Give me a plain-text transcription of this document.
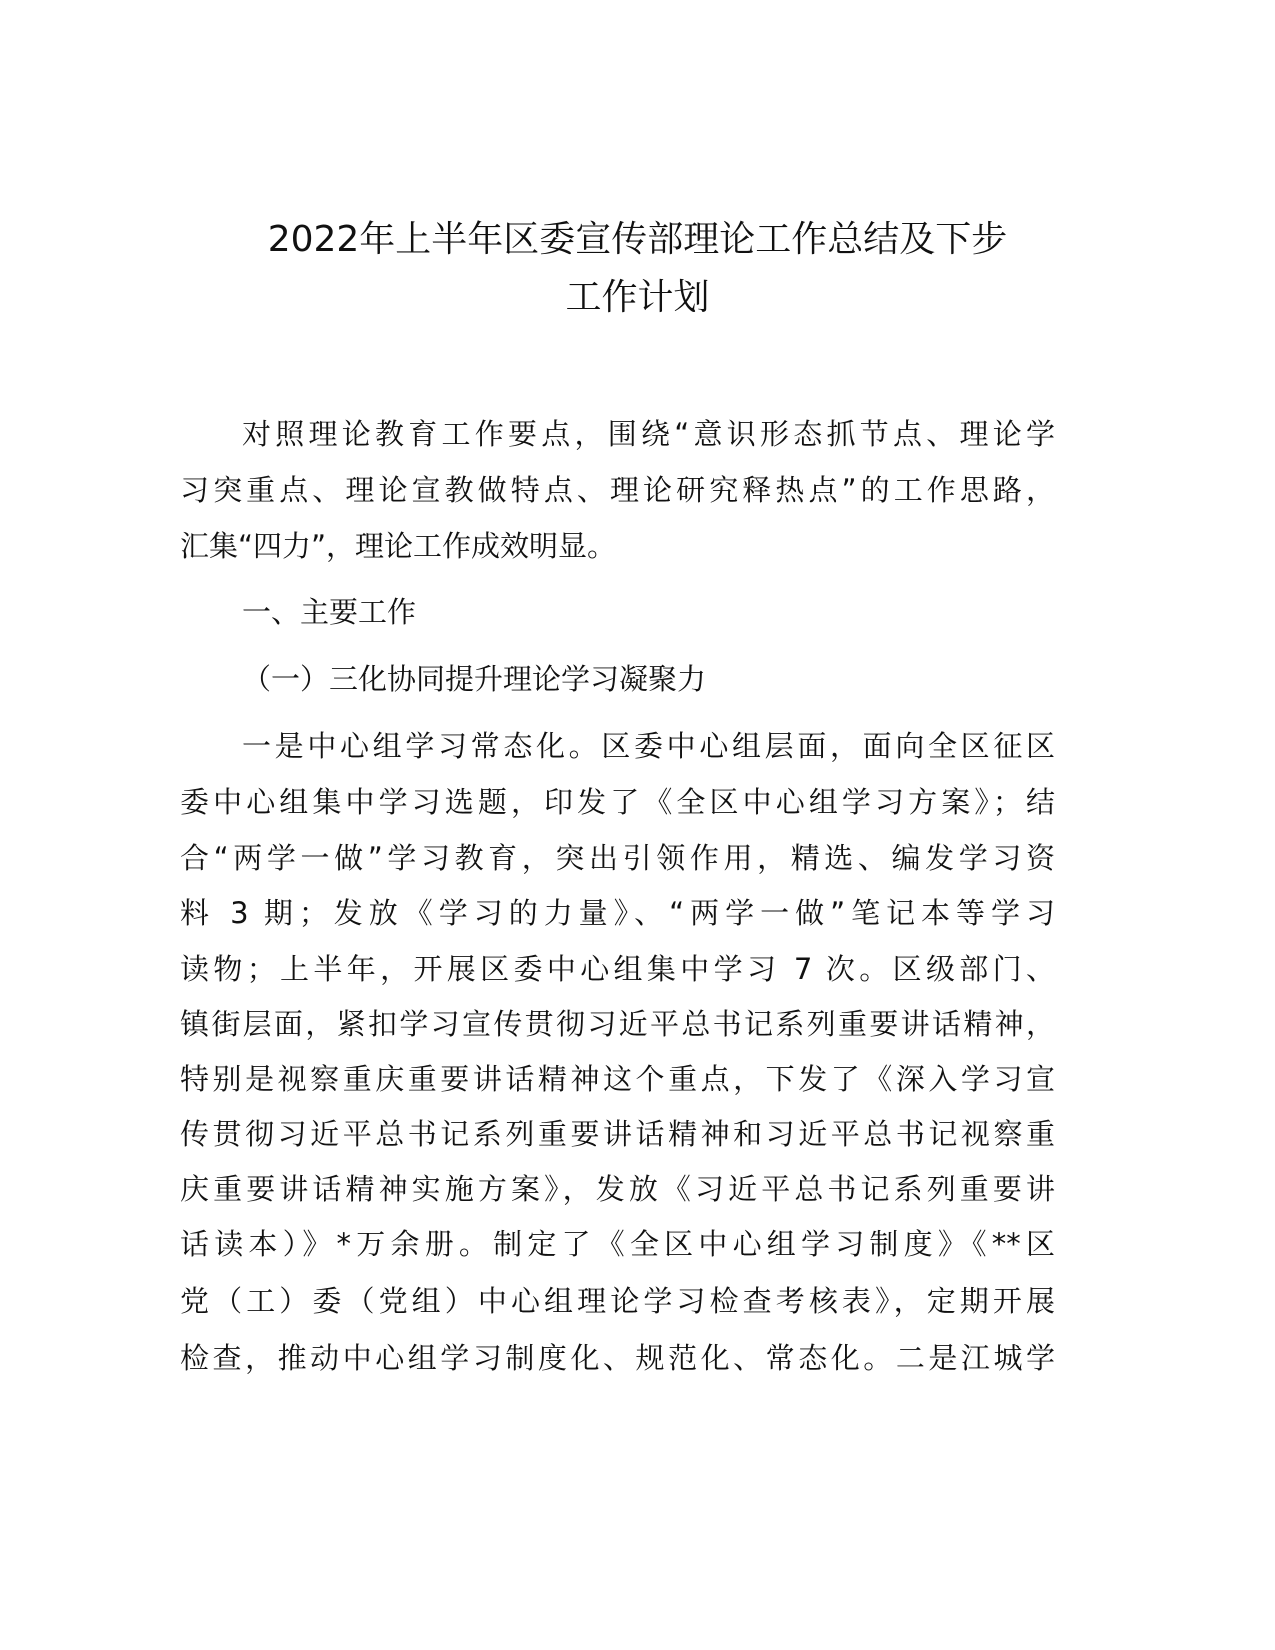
2022年上半年区委宣传部理论工作总结及下步
工作计划
对照理论教育工作要点，围绕“意识形态抓节点、理论学
习突重点、理论宣教做特点、理论研究释热点”的工作思路，
汇集“四力”，理论工作成效明显。
一、主要工作
（一）三化协同提升理论学习凝聚力
一是中心组学习常态化。区委中心组层面，面向全区征区
委中心组集中学习选题，印发了《全区中心组学习方案》；结
合“两学一做”学习教育，突出引领作用，精选、编发学习资
料 3 期；发放《学习的力量》、“两学一做”笔记本等学习
读物；上半年，开展区委中心组集中学习 7 次。区级部门、
镇街层面，紧扣学习宣传贯彻习近平总书记系列重要讲话精神，
特别是视察重庆重要讲话精神这个重点，下发了《深入学习宣
传贯彻习近平总书记系列重要讲话精神和习近平总书记视察重
庆重要讲话精神实施方案》，发放《习近平总书记系列重要讲
话读本）》*万余册。制定了《全区中心组学习制度》《**区
党（工）委（党组）中心组理论学习检查考核表》，定期开展
检查，推动中心组学习制度化、规范化、常态化。二是江城学
